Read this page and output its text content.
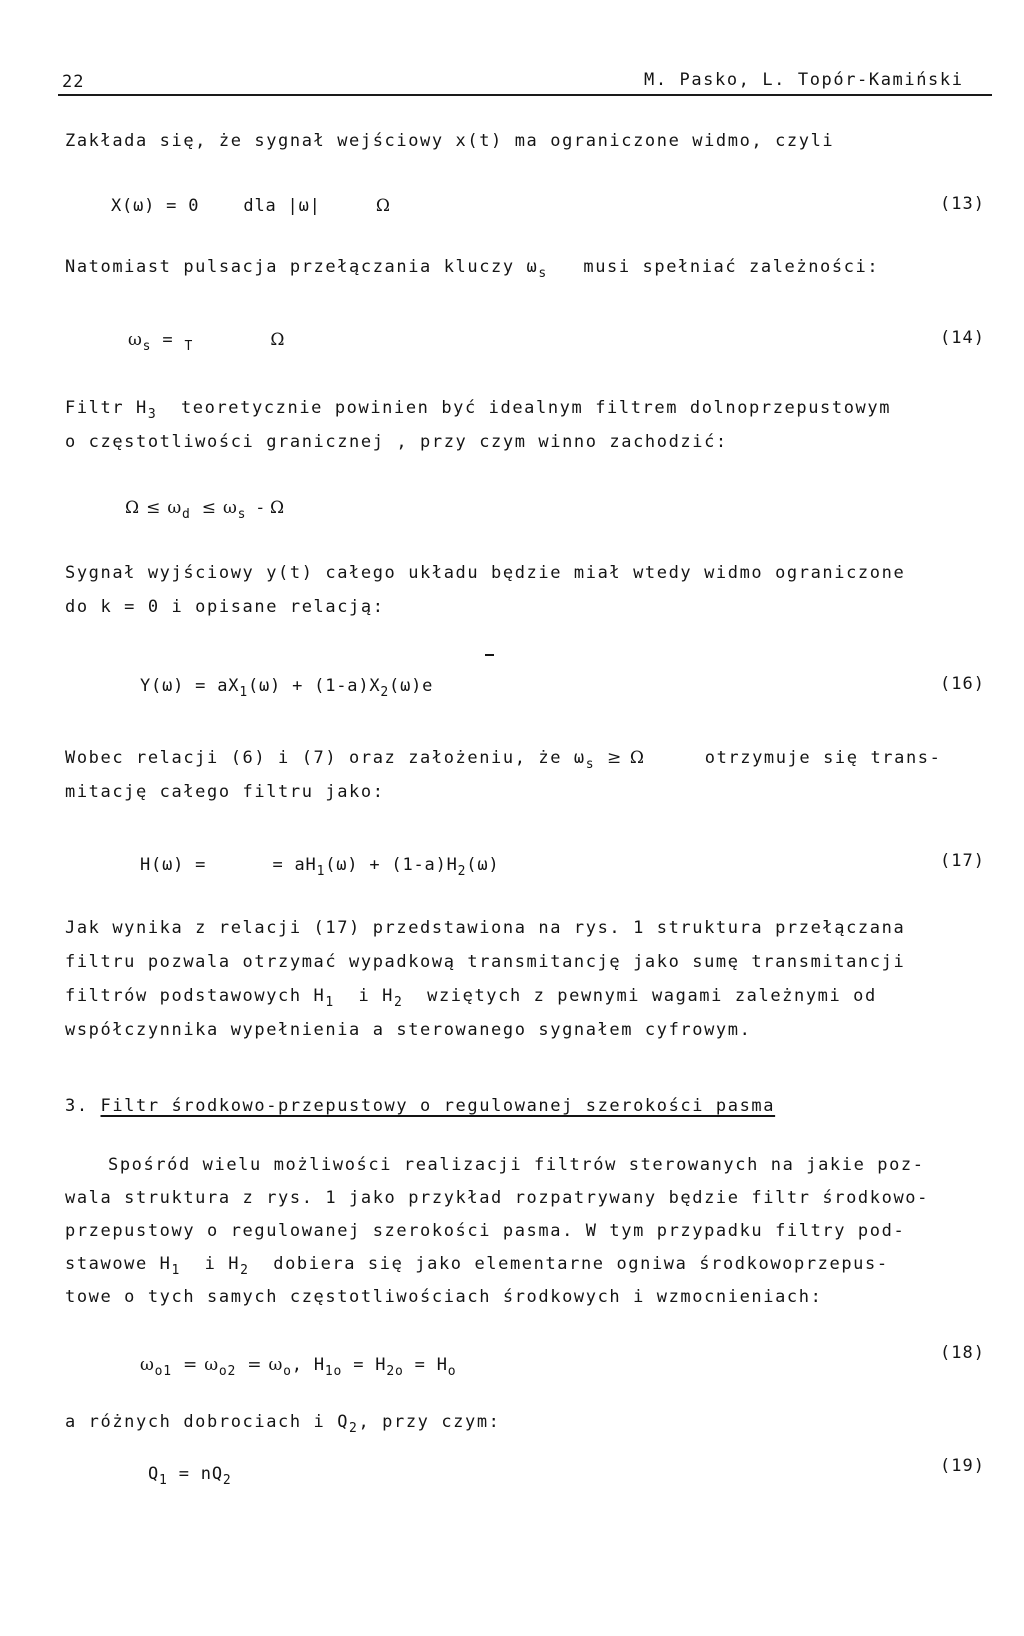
22	M. Pasko, L. Topór-Kamiński
Zakłada się, że sygnał wejściowy x(t) ma ograniczone widmo, czyli
X(ω) = 0	dla |ω|	Ω	(13)
Natomiast pulsacja przełączania kluczy $\omega_s$ musi spełniać zależności:
$\omega_s = _T$	Ω	(14)
Filtr $H_3$ teoretycznie powinien być idealnym filtrem dolnoprzepustowym
o częstotliwości granicznej , przy czym winno zachodzić:
$\Omega \le \omega_d \le \omega_s - \Omega$
Sygnał wyjściowy y(t) całego układu będzie miał wtedy widmo ograniczone
do k = 0 i opisane relacją:
$Y(\omega) = aX_1(\omega) + (1-a)X_2(\omega)e$	(16)
Wobec relacji (6) i (7) oraz założeniu, że $\omega_s \ge \Omega$	otrzymuje się trans-
mitację całego filtru jako:
H(ω) =	= $aH_1(\omega) + (1-a)H_2(\omega)$	(17)
Jak wynika z relacji (17) przedstawiona na rys. 1 struktura przełączana
filtru pozwala otrzymać wypadkową transmitancję jako sumę transmitancji
filtrów podstawowych $H_1$ i $H_2$ wziętych z pewnymi wagami zależnymi od
współczynnika wypełnienia a sterowanego sygnałem cyfrowym.
3. Filtr środkowo-przepustowy o regulowanej szerokości pasma
Spośród wielu możliwości realizacji filtrów sterowanych na jakie poz-
wala struktura z rys. 1 jako przykład rozpatrywany będzie filtr środkowo-
przepustowy o regulowanej szerokości pasma. W tym przypadku filtry pod-
stawowe $H_1$ i $H_2$ dobiera się jako elementarne ogniwa środkowoprzepus-
towe o tych samych częstotliwościach środkowych i wzmocnieniach:
$\omega_{o1} = \omega_{o2} = \omega_o$, $H_{1o} = H_{2o} = H_o$
(18)
a różnych dobrociach i $Q_2$, przy czym:
$Q_1 = nQ_2$
(19)
